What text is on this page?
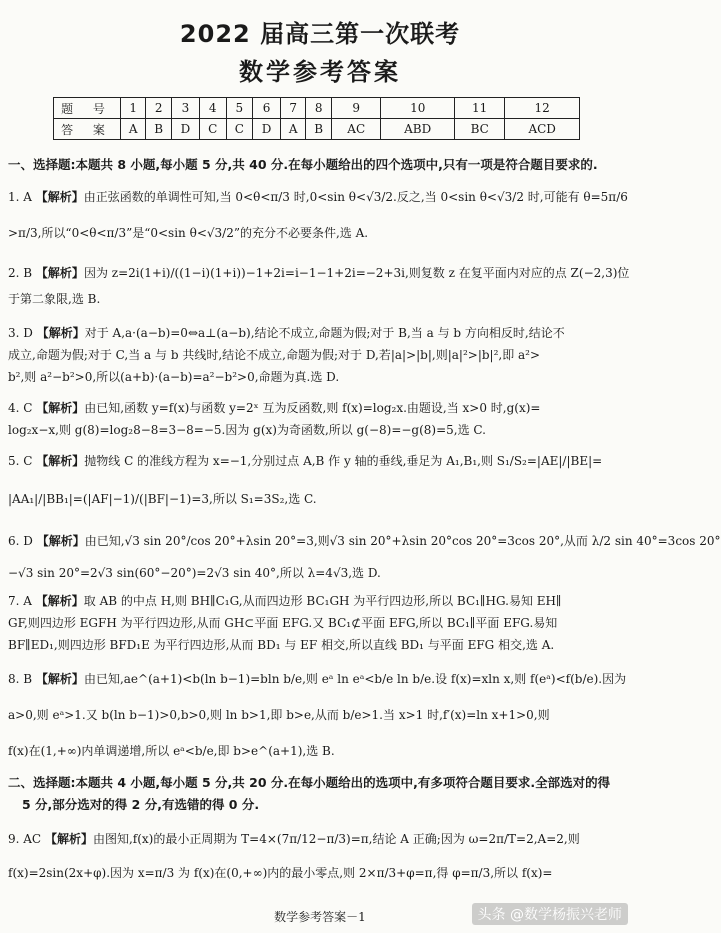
2022 届高三第一次联考
数学参考答案
题 号	1	2	3	4	5	6	7	8	9	10	11	12
答 案	A	B	D	C	C	D	A	B	AC	ABD	BC	ACD
一、选择题:本题共 8 小题,每小题 5 分,共 40 分.在每小题给出的四个选项中,只有一项是符合题目要求的.
1. A 【解析】由正弦函数的单调性可知,当 0<θ<π/3 时,0<sin θ<√3/2.反之,当 0<sin θ<√3/2 时,可能有 θ=5π/6
>π/3,所以“0<θ<π/3”是“0<sin θ<√3/2”的充分不必要条件,选 A.
2. B 【解析】因为 z=2i(1+i)/((1−i)(1+i))−1+2i=i−1−1+2i=−2+3i,则复数 z 在复平面内对应的点 Z(−2,3)位
于第二象限,选 B.
3. D 【解析】对于 A,a·(a−b)=0⇔a⊥(a−b),结论不成立,命题为假;对于 B,当 a 与 b 方向相反时,结论不
成立,命题为假;对于 C,当 a 与 b 共线时,结论不成立,命题为假;对于 D,若|a|>|b|,则|a|²>|b|²,即 a²>
b²,则 a²−b²>0,所以(a+b)·(a−b)=a²−b²>0,命题为真.选 D.
4. C 【解析】由已知,函数 y=f(x)与函数 y=2ˣ 互为反函数,则 f(x)=log₂x.由题设,当 x>0 时,g(x)=
log₂x−x,则 g(8)=log₂8−8=3−8=−5.因为 g(x)为奇函数,所以 g(−8)=−g(8)=5,选 C.
5. C 【解析】抛物线 C 的准线方程为 x=−1,分别过点 A,B 作 y 轴的垂线,垂足为 A₁,B₁,则 S₁/S₂=|AE|/|BE|=
|AA₁|/|BB₁|=(|AF|−1)/(|BF|−1)=3,所以 S₁=3S₂,选 C.
6. D 【解析】由已知,√3 sin 20°/cos 20°+λsin 20°=3,则√3 sin 20°+λsin 20°cos 20°=3cos 20°,从而 λ/2 sin 40°=3cos 20°
−√3 sin 20°=2√3 sin(60°−20°)=2√3 sin 40°,所以 λ=4√3,选 D.
7. A 【解析】取 AB 的中点 H,则 BH∥C₁G,从而四边形 BC₁GH 为平行四边形,所以 BC₁∥HG.易知 EH∥
GF,则四边形 EGFH 为平行四边形,从而 GH⊂平面 EFG.又 BC₁⊄平面 EFG,所以 BC₁∥平面 EFG.易知
BF∥ED₁,则四边形 BFD₁E 为平行四边形,从而 BD₁ 与 EF 相交,所以直线 BD₁ 与平面 EFG 相交,选 A.
8. B 【解析】由已知,ae^(a+1)<b(ln b−1)=bln b/e,则 eᵃ ln eᵃ<b/e ln b/e.设 f(x)=xln x,则 f(eᵃ)<f(b/e).因为
a>0,则 eᵃ>1.又 b(ln b−1)>0,b>0,则 ln b>1,即 b>e,从而 b/e>1.当 x>1 时,f′(x)=ln x+1>0,则
f(x)在(1,+∞)内单调递增,所以 eᵃ<b/e,即 b>e^(a+1),选 B.
二、选择题:本题共 4 小题,每小题 5 分,共 20 分.在每小题给出的选项中,有多项符合题目要求.全部选对的得
5 分,部分选对的得 2 分,有选错的得 0 分.
9. AC 【解析】由图知,f(x)的最小正周期为 T=4×(7π/12−π/3)=π,结论 A 正确;因为 ω=2π/T=2,A=2,则
f(x)=2sin(2x+φ).因为 x=π/3 为 f(x)在(0,+∞)内的最小零点,则 2×π/3+φ=π,得 φ=π/3,所以 f(x)=
数学参考答案－1	头条 @数学杨振兴老师
